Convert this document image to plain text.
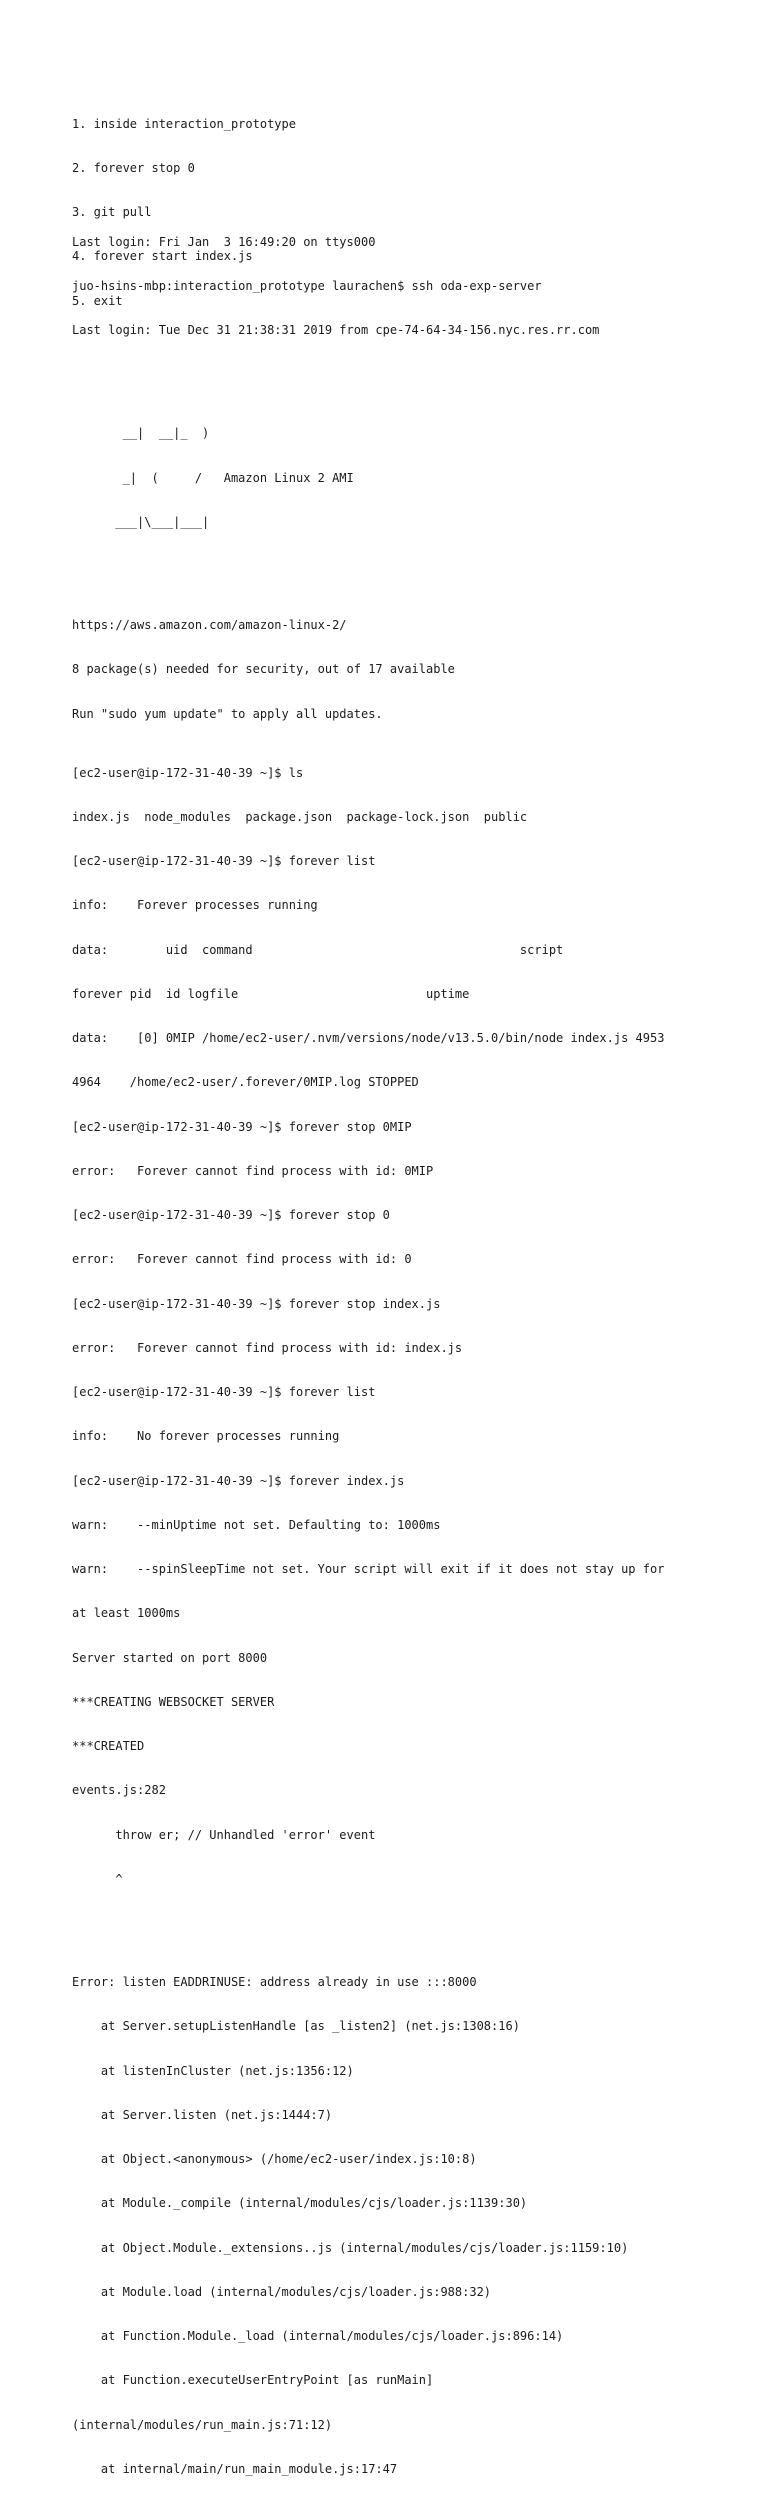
1. inside interaction_prototype

2. forever stop 0

3. git pull

4. forever start index.js

5. exit

Last login: Fri Jan  3 16:49:20 on ttys000

juo-hsins-mbp:interaction_prototype laurachen$ ssh oda-exp-server

Last login: Tue Dec 31 21:38:31 2019 from cpe-74-64-34-156.nyc.res.rr.com

__|  __|_  )

_|  (     /   Amazon Linux 2 AMI

___|\___|___|

https://aws.amazon.com/amazon-linux-2/

8 package(s) needed for security, out of 17 available

Run "sudo yum update" to apply all updates.

[ec2-user@ip-172-31-40-39 ~]$ ls

index.js  node_modules  package.json  package-lock.json  public

[ec2-user@ip-172-31-40-39 ~]$ forever list

info:    Forever processes running

data:        uid  command                                     script

forever pid  id logfile                          uptime

data:    [0] 0MIP /home/ec2-user/.nvm/versions/node/v13.5.0/bin/node index.js 4953

4964    /home/ec2-user/.forever/0MIP.log STOPPED

[ec2-user@ip-172-31-40-39 ~]$ forever stop 0MIP

error:   Forever cannot find process with id: 0MIP

[ec2-user@ip-172-31-40-39 ~]$ forever stop 0

error:   Forever cannot find process with id: 0

[ec2-user@ip-172-31-40-39 ~]$ forever stop index.js

error:   Forever cannot find process with id: index.js

[ec2-user@ip-172-31-40-39 ~]$ forever list

info:    No forever processes running

[ec2-user@ip-172-31-40-39 ~]$ forever index.js

warn:    --minUptime not set. Defaulting to: 1000ms

warn:    --spinSleepTime not set. Your script will exit if it does not stay up for

at least 1000ms

Server started on port 8000

***CREATING WEBSOCKET SERVER

***CREATED

events.js:282

throw er; // Unhandled 'error' event

^

Error: listen EADDRINUSE: address already in use :::8000

at Server.setupListenHandle [as _listen2] (net.js:1308:16)

at listenInCluster (net.js:1356:12)

at Server.listen (net.js:1444:7)

at Object.<anonymous> (/home/ec2-user/index.js:10:8)

at Module._compile (internal/modules/cjs/loader.js:1139:30)

at Object.Module._extensions..js (internal/modules/cjs/loader.js:1159:10)

at Module.load (internal/modules/cjs/loader.js:988:32)

at Function.Module._load (internal/modules/cjs/loader.js:896:14)

at Function.executeUserEntryPoint [as runMain]

(internal/modules/run_main.js:71:12)

at internal/main/run_main_module.js:17:47
